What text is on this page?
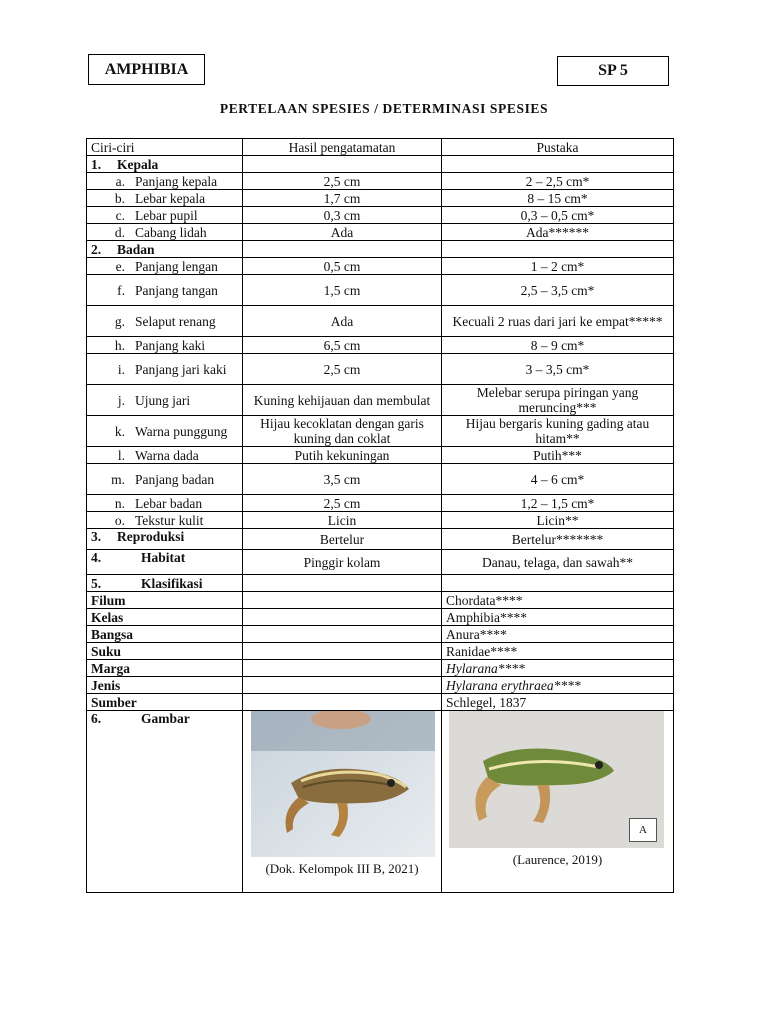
AMPHIBIA	SP 5
PERTELAAN SPESIES / DETERMINASI SPESIES
Ciri-ciri	Hasil pengatamatan	Pustaka
1. Kepala		

a. Panjang kepala	2,5 cm	2 – 2,5 cm*

b. Lebar kepala	1,7 cm	8 – 15 cm*

c. Lebar pupil	0,3 cm	0,3 – 0,5 cm*

d. Cabang lidah	Ada	Ada******
2. Badan		

e. Panjang lengan	0,5 cm	1 – 2 cm*

f. Panjang tangan	1,5 cm	2,5 – 3,5 cm*

g. Selaput renang	Ada	Kecuali 2 ruas dari jari ke empat*****

h. Panjang kaki	6,5 cm	8 – 9 cm*

i. Panjang jari kaki	2,5 cm	3 – 3,5 cm*

j. Ujung jari	Kuning kehijauan dan membulat	Melebar serupa piringan yang meruncing***

k. Warna punggung	Hijau kecoklatan dengan garis kuning dan coklat	Hijau bergaris kuning gading atau hitam**

l. Warna dada	Putih kekuningan	Putih***

m. Panjang badan	3,5 cm	4 – 6 cm*

n. Lebar badan	2,5 cm	1,2 – 1,5 cm*

o. Tekstur kulit	Licin	Licin**
3. Reproduksi	Bertelur	Bertelur*******
4. Habitat	Pinggir kolam	Danau, telaga, dan sawah**
5. Klasifikasi		
Filum		Chordata****
Kelas		Amphibia****
Bangsa		Anura****
Suku		Ranidae****
Marga		Hylarana****
Jenis		Hylarana erythraea****
Sumber		Schlegel, 1837
6. Gambar	(Dok. Kelompok III B, 2021)	A
(Laurence, 2019)
